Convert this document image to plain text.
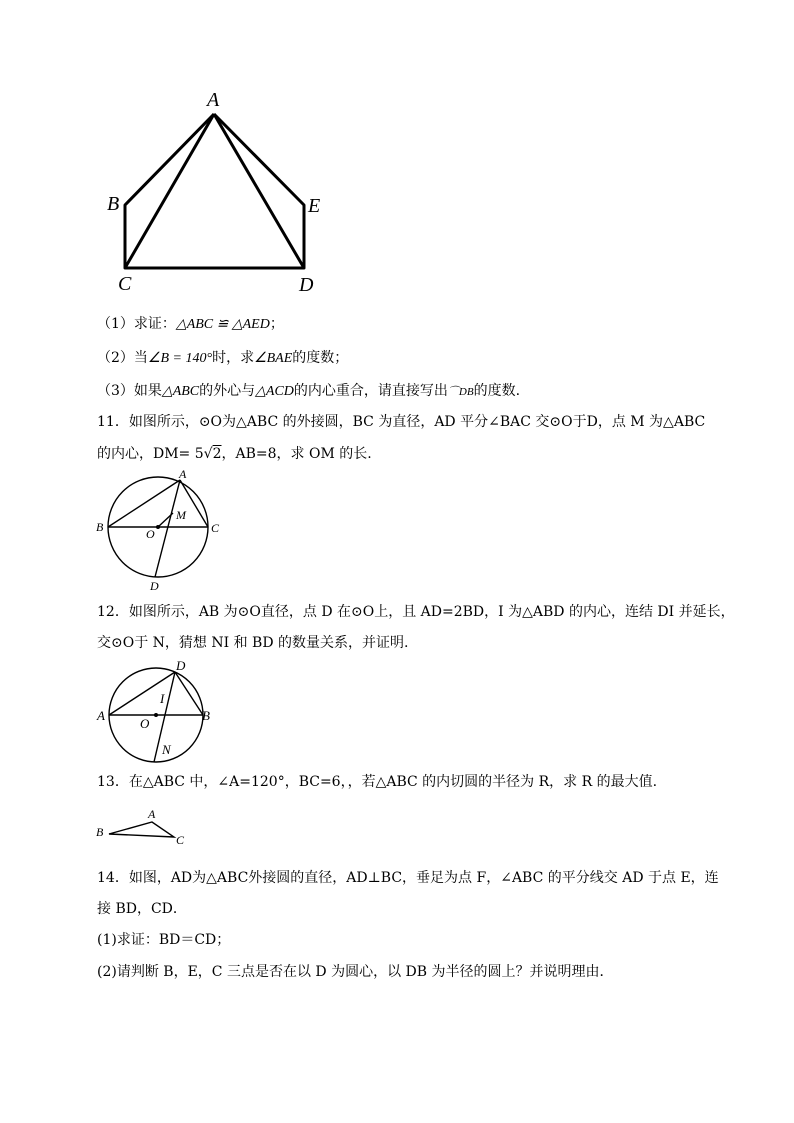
A
B
C	D
E
（1）求证：△ABC ≌ △AED；
（2）当∠B = 140°时，求∠BAE的度数；
（3）如果△ABC的外心与△ACD的内心重合，请直接写出⌒DB的度数.
11．如图所示，⊙O为△ABC 的外接圆，BC 为直径，AD 平分∠BAC 交⊙O于D，点 M 为△ABC
的内心，DM= 5√2，AB=8，求 OM 的长.
A
B	C
D
O
M
12．如图所示，AB 为⊙O直径，点 D 在⊙O上，且 AD=2BD，I 为△ABD 的内心，连结 DI 并延长，
交⊙O于 N，猜想 NI 和 BD 的数量关系，并证明.
D
I
A	B
O
N
13．在△ABC 中，∠A=120°，BC=6，，若△ABC 的内切圆的半径为 R，求 R 的最大值.
A
B
C
14．如图，AD为△ABC外接圆的直径，AD⊥BC，垂足为点 F，∠ABC 的平分线交 AD 于点 E，连
接 BD，CD．
(1)求证：BD＝CD；
(2)请判断 B，E，C 三点是否在以 D 为圆心，以 DB 为半径的圆上？并说明理由．
